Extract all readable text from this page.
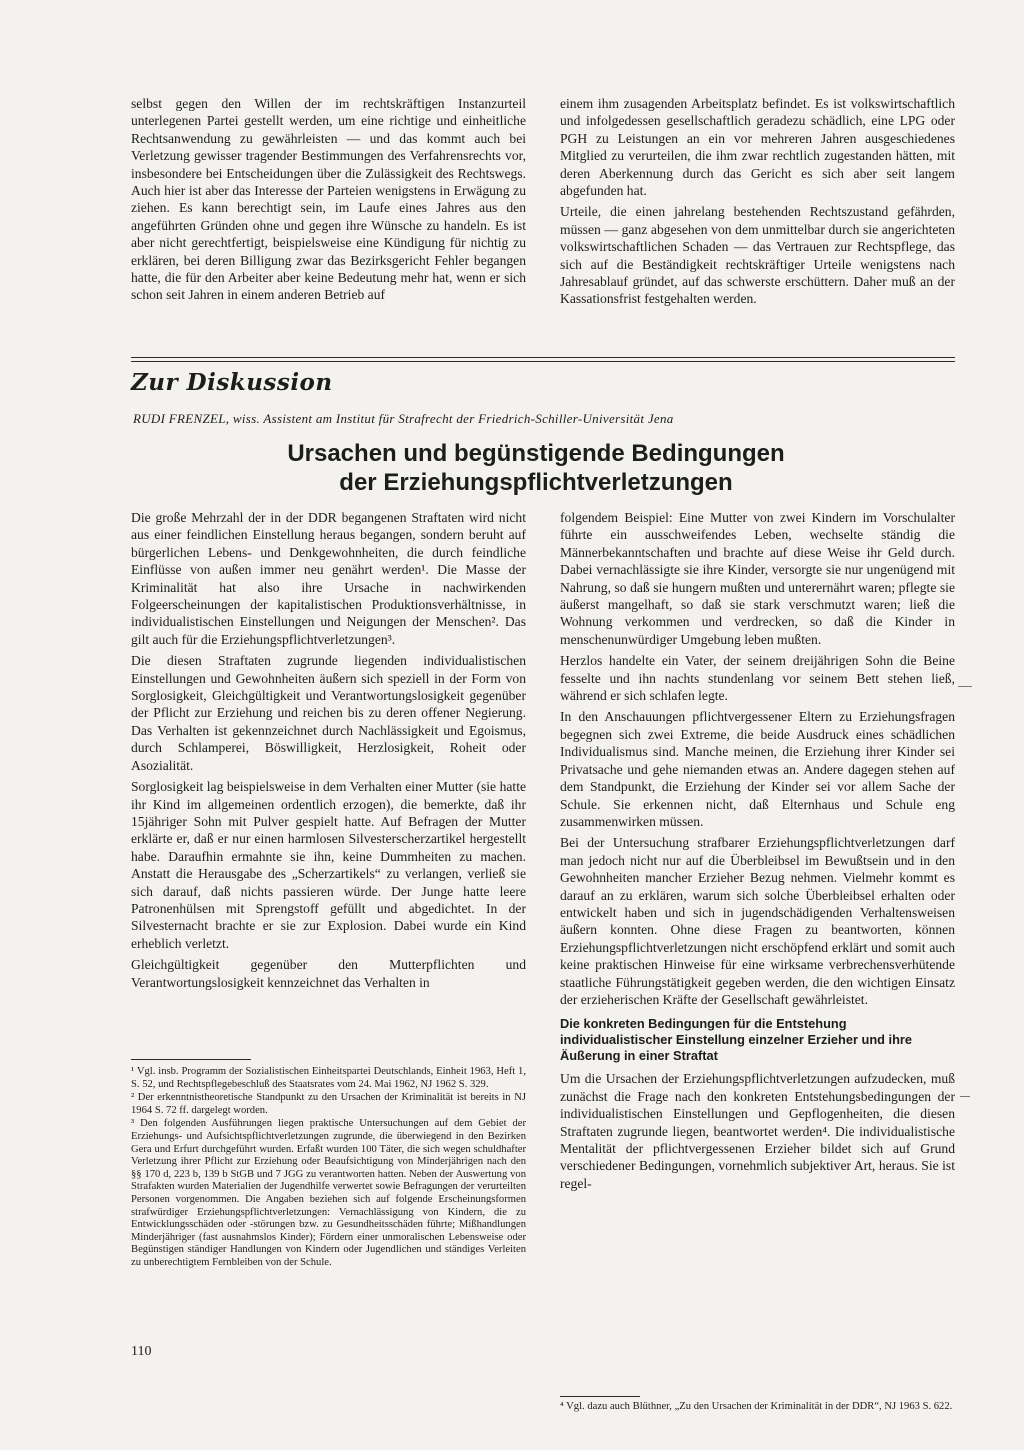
selbst gegen den Willen der im rechtskräftigen Instanzurteil unterlegenen Partei gestellt werden, um eine richtige und einheitliche Rechtsanwendung zu gewährleisten — und das kommt auch bei Verletzung gewisser tragender Bestimmungen des Verfahrensrechts vor, insbesondere bei Entscheidungen über die Zulässigkeit des Rechtswegs. Auch hier ist aber das Interesse der Parteien wenigstens in Erwägung zu ziehen. Es kann berechtigt sein, im Laufe eines Jahres aus den angeführten Gründen ohne und gegen ihre Wünsche zu handeln. Es ist aber nicht gerechtfertigt, beispielsweise eine Kündigung für nichtig zu erklären, bei deren Billigung zwar das Bezirksgericht Fehler begangen hatte, die für den Arbeiter aber keine Bedeutung mehr hat, wenn er sich schon seit Jahren in einem anderen Betrieb auf

einem ihm zusagenden Arbeitsplatz befindet. Es ist volkswirtschaftlich und infolgedessen gesellschaftlich geradezu schädlich, eine LPG oder PGH zu Leistungen an ein vor mehreren Jahren ausgeschiedenes Mitglied zu verurteilen, die ihm zwar rechtlich zugestanden hätten, mit deren Aberkennung durch das Gericht es sich aber seit langem abgefunden hat.

Urteile, die einen jahrelang bestehenden Rechtszustand gefährden, müssen — ganz abgesehen von dem unmittelbar durch sie angerichteten volkswirtschaftlichen Schaden — das Vertrauen zur Rechtspflege, das sich auf die Beständigkeit rechtskräftiger Urteile wenigstens nach Jahresablauf gründet, auf das schwerste erschüttern. Daher muß an der Kassationsfrist festgehalten werden.

Zur Diskussion
RUDI FRENZEL, wiss. Assistent am Institut für Strafrecht der Friedrich-Schiller-Universität Jena
Ursachen und begünstigende Bedingungen
der Erziehungspflichtverletzungen

Die große Mehrzahl der in der DDR begangenen Straftaten wird nicht aus einer feindlichen Einstellung heraus begangen, sondern beruht auf bürgerlichen Lebens- und Denkgewohnheiten, die durch feindliche Einflüsse von außen immer neu genährt werden¹. Die Masse der Kriminalität hat also ihre Ursache in nachwirkenden Folgeerscheinungen der kapitalistischen Produktionsverhältnisse, in individualistischen Einstellungen und Neigungen der Menschen². Das gilt auch für die Erziehungspflichtverletzungen³.

Die diesen Straftaten zugrunde liegenden individualistischen Einstellungen und Gewohnheiten äußern sich speziell in der Form von Sorglosigkeit, Gleichgültigkeit und Verantwortungslosigkeit gegenüber der Pflicht zur Erziehung und reichen bis zu deren offener Negierung. Das Verhalten ist gekennzeichnet durch Nachlässigkeit und Egoismus, durch Schlamperei, Böswilligkeit, Herzlosigkeit, Roheit oder Asozialität.

Sorglosigkeit lag beispielsweise in dem Verhalten einer Mutter (sie hatte ihr Kind im allgemeinen ordentlich erzogen), die bemerkte, daß ihr 15jähriger Sohn mit Pulver gespielt hatte. Auf Befragen der Mutter erklärte er, daß er nur einen harmlosen Silvesterscherzartikel hergestellt habe. Daraufhin ermahnte sie ihn, keine Dummheiten zu machen. Anstatt die Herausgabe des „Scherzartikels“ zu verlangen, verließ sie sich darauf, daß nichts passieren würde. Der Junge hatte leere Patronenhülsen mit Sprengstoff gefüllt und abgedichtet. In der Silvesternacht brachte er sie zur Explosion. Dabei wurde ein Kind erheblich verletzt.

Gleichgültigkeit gegenüber den Mutterpflichten und Verantwortungslosigkeit kennzeichnet das Verhalten in

¹ Vgl. insb. Programm der Sozialistischen Einheitspartei Deutschlands, Einheit 1963, Heft 1, S. 52, und Rechtspflegebeschluß des Staatsrates vom 24. Mai 1962, NJ 1962 S. 329.

² Der erkenntnistheoretische Standpunkt zu den Ursachen der Kriminalität ist bereits in NJ 1964 S. 72 ff. dargelegt worden.

³ Den folgenden Ausführungen liegen praktische Untersuchungen auf dem Gebiet der Erziehungs- und Aufsichtspflichtverletzungen zugrunde, die überwiegend in den Bezirken Gera und Erfurt durchgeführt wurden. Erfaßt wurden 100 Täter, die sich wegen schuldhafter Verletzung ihrer Pflicht zur Erziehung oder Beaufsichtigung von Minderjährigen nach den §§ 170 d, 223 b, 139 b StGB und 7 JGG zu verantworten hatten. Neben der Auswertung von Strafakten wurden Materialien der Jugendhilfe verwertet sowie Befragungen der verurteilten Personen vorgenommen. Die Angaben beziehen sich auf folgende Erscheinungsformen strafwürdiger Erziehungspflichtverletzungen: Vernachlässigung von Kindern, die zu Entwicklungsschäden oder -störungen bzw. zu Gesundheitsschäden führte; Mißhandlungen Minderjähriger (fast ausnahmslos Kinder); Fördern einer unmoralischen Lebensweise oder Begünstigen ständiger Handlungen von Kindern oder Jugendlichen und ständiges Verleiten zu unberechtigtem Fernbleiben von der Schule.

folgendem Beispiel: Eine Mutter von zwei Kindern im Vorschulalter führte ein ausschweifendes Leben, wechselte ständig die Männerbekanntschaften und brachte auf diese Weise ihr Geld durch. Dabei vernachlässigte sie ihre Kinder, versorgte sie nur ungenügend mit Nahrung, so daß sie hungern mußten und unterernährt waren; pflegte sie äußerst mangelhaft, so daß sie stark verschmutzt waren; ließ die Wohnung verkommen und verdrecken, so daß die Kinder in menschenunwürdiger Umgebung leben mußten.

Herzlos handelte ein Vater, der seinem dreijährigen Sohn die Beine fesselte und ihn nachts stundenlang vor seinem Bett stehen ließ, während er sich schlafen legte.

In den Anschauungen pflichtvergessener Eltern zu Erziehungsfragen begegnen sich zwei Extreme, die beide Ausdruck eines schädlichen Individualismus sind. Manche meinen, die Erziehung ihrer Kinder sei Privatsache und gehe niemanden etwas an. Andere dagegen stehen auf dem Standpunkt, die Erziehung der Kinder sei vor allem Sache der Schule. Sie erkennen nicht, daß Elternhaus und Schule eng zusammenwirken müssen.

Bei der Untersuchung strafbarer Erziehungspflichtverletzungen darf man jedoch nicht nur auf die Überbleibsel im Bewußtsein und in den Gewohnheiten mancher Erzieher Bezug nehmen. Vielmehr kommt es darauf an zu erklären, warum sich solche Überbleibsel erhalten oder entwickelt haben und sich in jugendschädigenden Verhaltensweisen äußern konnten. Ohne diese Fragen zu beantworten, können Erziehungspflichtverletzungen nicht erschöpfend erklärt und somit auch keine praktischen Hinweise für eine wirksame verbrechensverhütende staatliche Führungstätigkeit gegeben werden, die den wichtigen Einsatz der erzieherischen Kräfte der Gesellschaft gewährleistet.

Die konkreten Bedingungen für die Entstehung individualistischer Einstellung einzelner Erzieher und ihre Äußerung in einer Straftat

Um die Ursachen der Erziehungspflichtverletzungen aufzudecken, muß zunächst die Frage nach den konkreten Entstehungsbedingungen der individualistischen Einstellungen und Gepflogenheiten, die diesen Straftaten zugrunde liegen, beantwortet werden⁴. Die individualistische Mentalität der pflichtvergessenen Erzieher bildet sich auf Grund verschiedener Bedingungen, vornehmlich subjektiver Art, heraus. Sie ist regel-

⁴ Vgl. dazu auch Blüthner, „Zu den Ursachen der Kriminalität in der DDR“, NJ 1963 S. 622.
110
